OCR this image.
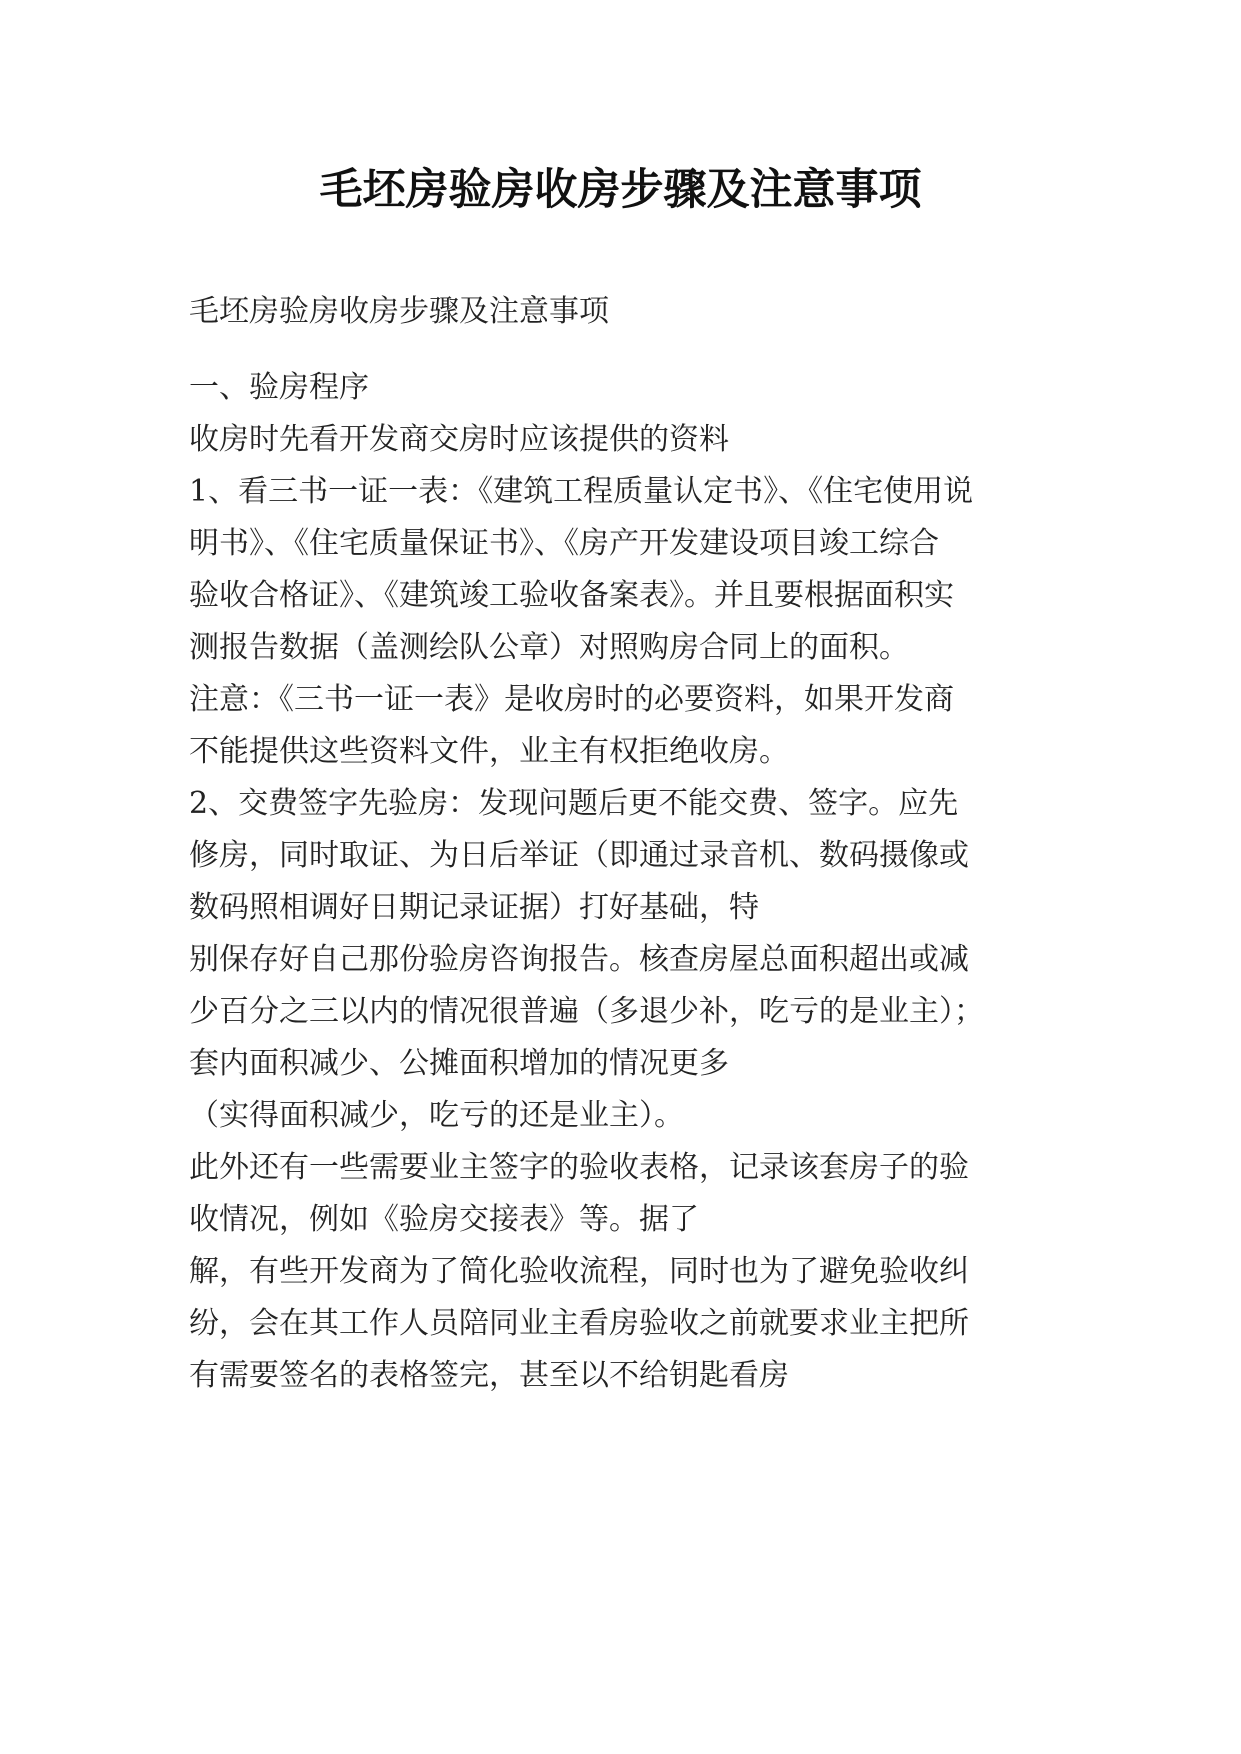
毛坯房验房收房步骤及注意事项
毛坯房验房收房步骤及注意事项
一、验房程序
收房时先看开发商交房时应该提供的资料
1、看三书一证一表：《建筑工程质量认定书》、《住宅使用说
明书》、《住宅质量保证书》、《房产开发建设项目竣工综合
验收合格证》、《建筑竣工验收备案表》。并且要根据面积实
测报告数据（盖测绘队公章）对照购房合同上的面积。
注意：《三书一证一表》是收房时的必要资料，如果开发商
不能提供这些资料文件，业主有权拒绝收房。
2、交费签字先验房：发现问题后更不能交费、签字。应先
修房，同时取证、为日后举证（即通过录音机、数码摄像或
数码照相调好日期记录证据）打好基础，特
别保存好自己那份验房咨询报告。核查房屋总面积超出或减
少百分之三以内的情况很普遍（多退少补，吃亏的是业主）；
套内面积减少、公摊面积增加的情况更多
（实得面积减少，吃亏的还是业主）。
此外还有一些需要业主签字的验收表格，记录该套房子的验
收情况，例如《验房交接表》等。据了
解，有些开发商为了简化验收流程，同时也为了避免验收纠
纷，会在其工作人员陪同业主看房验收之前就要求业主把所
有需要签名的表格签完，甚至以不给钥匙看房
